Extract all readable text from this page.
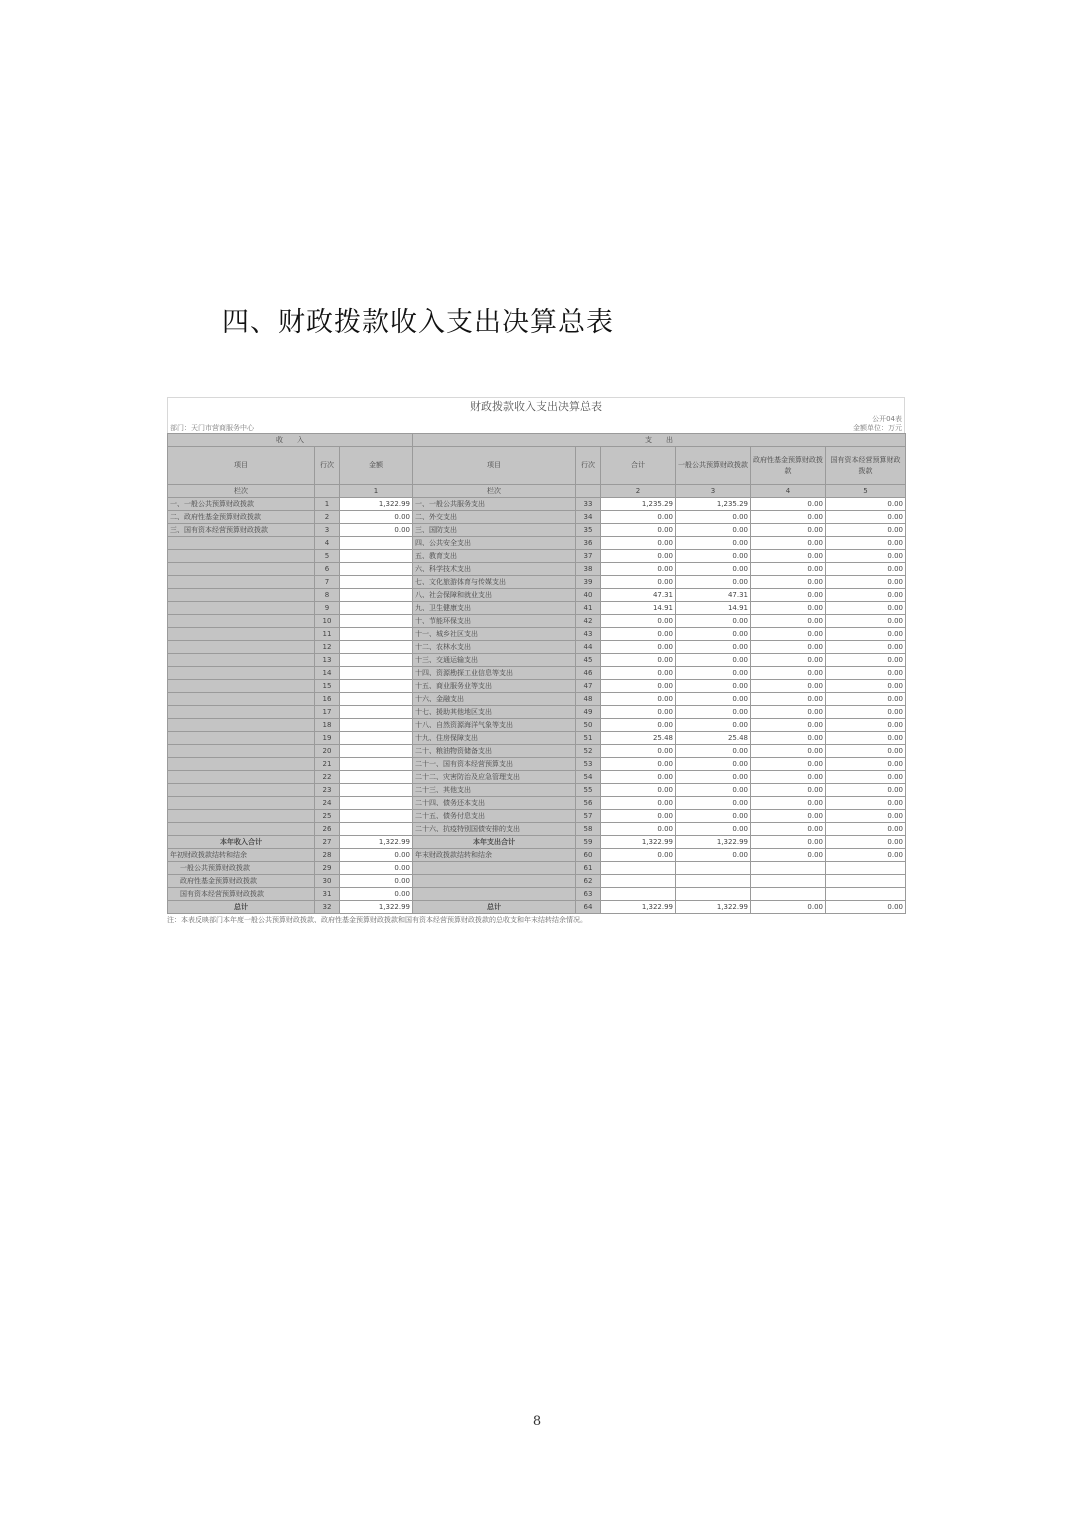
四、财政拨款收入支出决算总表
财政拨款收入支出决算总表
公开04表
部门：天门市营商服务中心	金额单位：万元
收　　入			支　　出					
项目	行次	金额	项目	行次	合计	一般公共预算财政拨款	政府性基金预算财政拨款	国有资本经营预算财政拨款
栏次		1	栏次		2	3	4	5
一、一般公共预算财政拨款	1	1,322.99	一、一般公共服务支出	33	1,235.29	1,235.29	0.00	0.00
二、政府性基金预算财政拨款	2	0.00	二、外交支出	34	0.00	0.00	0.00	0.00
三、国有资本经营预算财政拨款	3	0.00	三、国防支出	35	0.00	0.00	0.00	0.00
	4		四、公共安全支出	36	0.00	0.00	0.00	0.00
	5		五、教育支出	37	0.00	0.00	0.00	0.00
	6		六、科学技术支出	38	0.00	0.00	0.00	0.00
	7		七、文化旅游体育与传媒支出	39	0.00	0.00	0.00	0.00
	8		八、社会保障和就业支出	40	47.31	47.31	0.00	0.00
	9		九、卫生健康支出	41	14.91	14.91	0.00	0.00
	10		十、节能环保支出	42	0.00	0.00	0.00	0.00
	11		十一、城乡社区支出	43	0.00	0.00	0.00	0.00
	12		十二、农林水支出	44	0.00	0.00	0.00	0.00
	13		十三、交通运输支出	45	0.00	0.00	0.00	0.00
	14		十四、资源勘探工业信息等支出	46	0.00	0.00	0.00	0.00
	15		十五、商业服务业等支出	47	0.00	0.00	0.00	0.00
	16		十六、金融支出	48	0.00	0.00	0.00	0.00
	17		十七、援助其他地区支出	49	0.00	0.00	0.00	0.00
	18		十八、自然资源海洋气象等支出	50	0.00	0.00	0.00	0.00
	19		十九、住房保障支出	51	25.48	25.48	0.00	0.00
	20		二十、粮油物资储备支出	52	0.00	0.00	0.00	0.00
	21		二十一、国有资本经营预算支出	53	0.00	0.00	0.00	0.00
	22		二十二、灾害防治及应急管理支出	54	0.00	0.00	0.00	0.00
	23		二十三、其他支出	55	0.00	0.00	0.00	0.00
	24		二十四、债务还本支出	56	0.00	0.00	0.00	0.00
	25		二十五、债务付息支出	57	0.00	0.00	0.00	0.00
	26		二十六、抗疫特别国债安排的支出	58	0.00	0.00	0.00	0.00
本年收入合计	27	1,322.99	本年支出合计	59	1,322.99	1,322.99	0.00	0.00
年初财政拨款结转和结余	28	0.00	年末财政拨款结转和结余	60	0.00	0.00	0.00	0.00
一般公共预算财政拨款	29	0.00		61				
政府性基金预算财政拨款	30	0.00		62				
国有资本经营预算财政拨款	31	0.00		63				
总计	32	1,322.99	总计	64	1,322.99	1,322.99	0.00	0.00
注：本表反映部门本年度一般公共预算财政拨款、政府性基金预算财政拨款和国有资本经营预算财政拨款的总收支和年末结转结余情况。
8
